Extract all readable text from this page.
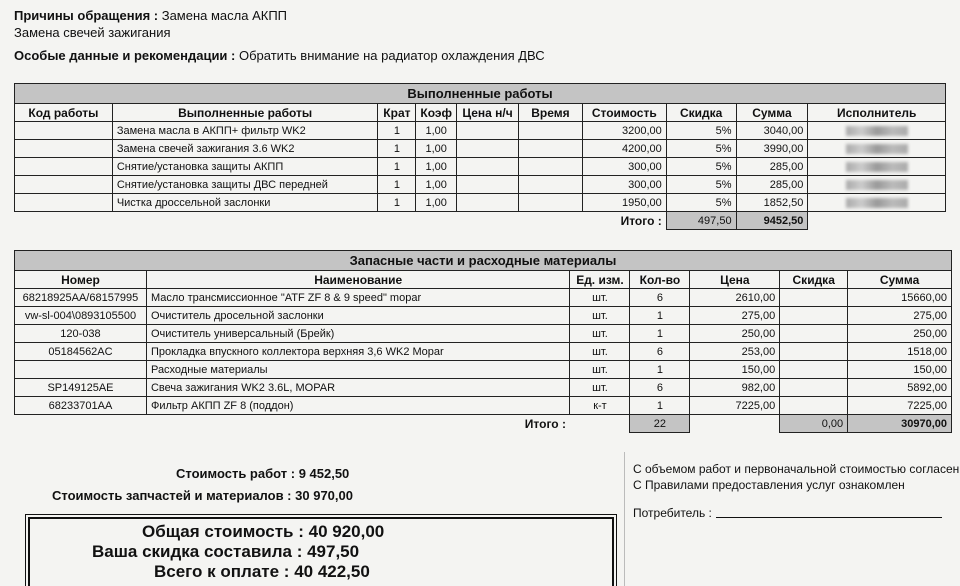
Причины обращения : Замена масла АКПП
Замена свечей зажигания
Особые данные и рекомендации : Обратить внимание на радиатор охлаждения ДВС
Выполненные работы									
Код работы	Выполненные работы	Крат	Коэф	Цена н/ч	Время	Стоимость	Скидка	Сумма	Исполнитель
	Замена масла в АКПП+ фильтр WK2	1	1,00			3200,00	5%	3040,00	
	Замена свечей зажигания 3.6 WK2	1	1,00			4200,00	5%	3990,00	
	Снятие/установка защиты АКПП	1	1,00			300,00	5%	285,00	
	Снятие/установка защиты ДВС передней	1	1,00			300,00	5%	285,00	
	Чистка дроссельной заслонки	1	1,00			1950,00	5%	1852,50	
						Итого :	497,50	9452,50	
Запасные части и расходные материалы						
Номер	Наименование	Ед. изм.	Кол-во	Цена	Скидка	Сумма
68218925AA/68157995	Масло трансмиссионное "ATF ZF 8 & 9 speed" mopar	шт.	6	2610,00		15660,00
vw-sl-004\0893105500	Очиститель дросельной заслонки	шт.	1	275,00		275,00
120-038	Очиститель универсальный (Брейк)	шт.	1	250,00		250,00
05184562AC	Прокладка впускного коллектора верхняя 3,6 WK2 Mopar	шт.	6	253,00		1518,00
	Расходные материалы	шт.	1	150,00		150,00
SP149125AE	Свеча зажигания WK2 3.6L, MOPAR	шт.	6	982,00		5892,00
68233701AA	Фильтр АКПП ZF 8 (поддон)	к-т	1	7225,00		7225,00
Итого :			22		0,00	30970,00
Стоимость работ : 9 452,50
Стоимость запчастей и материалов : 30 970,00
Общая стоимость : 40 920,00
Ваша скидка составила : 497,50
Всего к оплате : 40 422,50
С объемом работ и первоначальной стоимостью согласен
С Правилами предоставления услуг ознакомлен
Потребитель :
